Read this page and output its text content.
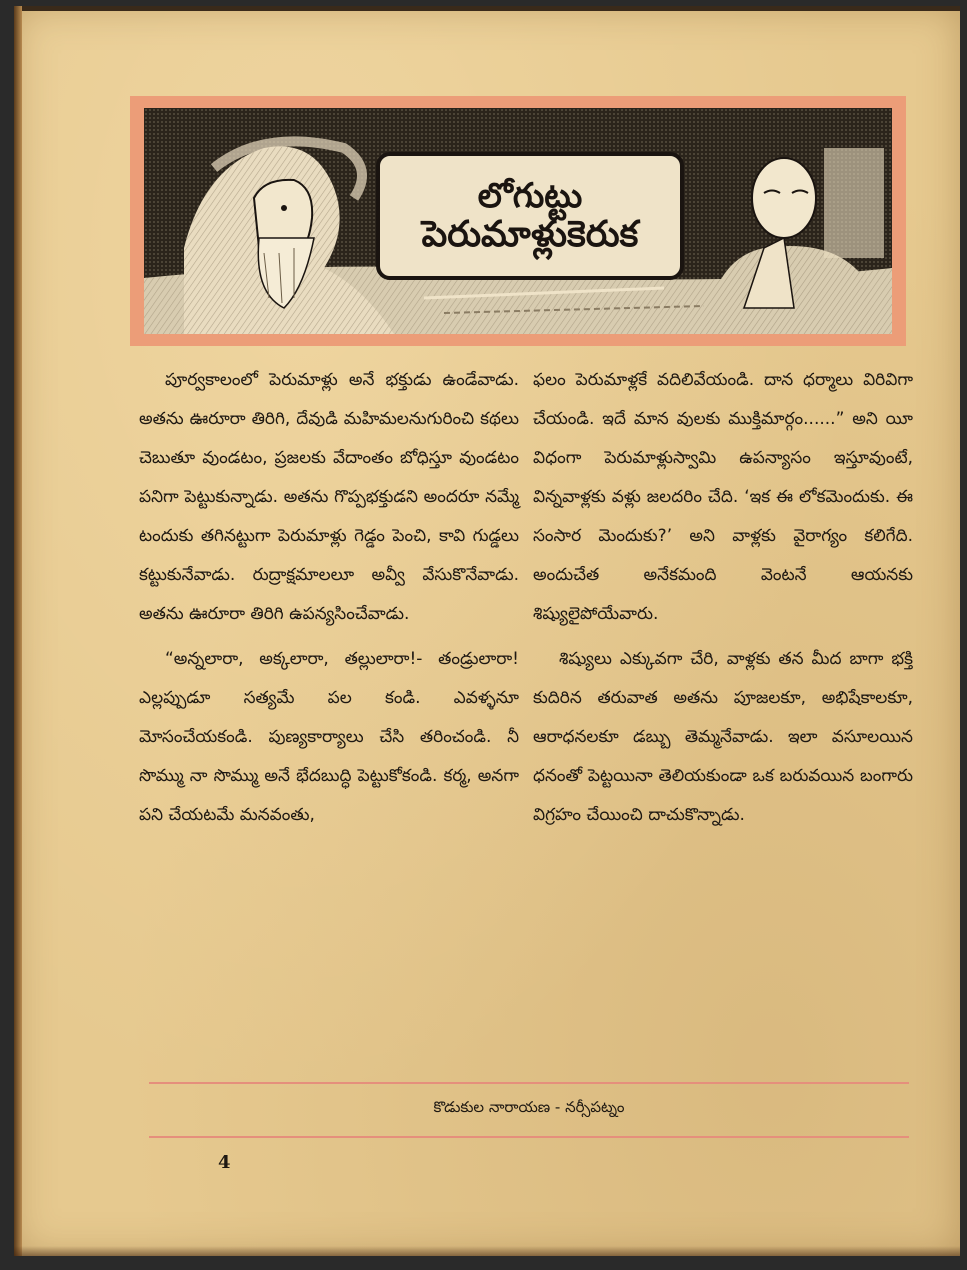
లోగుట్టు
పెరుమాళ్లుకెరుక

పూర్వకాలంలో పెరుమాళ్లు అనే భక్తుడు ఉండేవాడు. అతను ఊరూరా తిరిగి, దేవుడి మహిమలనుగురించి కథలు చెబుతూ వుండటం, ప్రజలకు వేదాంతం బోధిస్తూ వుండటం పనిగా పెట్టుకున్నాడు. అతను గొప్పభక్తుడని అందరూ నమ్మే టందుకు తగినట్టుగా పెరుమాళ్లు గెడ్డం పెంచి, కావి గుడ్డలు కట్టుకునేవాడు. రుద్రాక్షమాలలూ అవ్వీ వేసుకొనేవాడు. అతను ఊరూరా తిరిగి ఉపన్యసించేవాడు.

“అన్నలారా, అక్కలారా, తల్లులారా!- తండ్రులారా! ఎల్లప్పుడూ సత్యమే పల కండి. ఎవళ్ళనూ మోసంచేయకండి. పుణ్యకార్యాలు చేసి తరించండి. నీ సొమ్ము నా సొమ్ము అనే భేదబుద్ధి పెట్టుకోకండి. కర్మ, అనగా పని చేయటమే మనవంతు,

ఫలం పెరుమాళ్లకే వదిలివేయండి. దాన ధర్మాలు విరివిగా చేయండి. ఇదే మాన వులకు ముక్తిమార్గం......” అని యీ విధంగా పెరుమాళ్లుస్వామి ఉపన్యాసం ఇస్తూవుంటే, విన్నవాళ్లకు వళ్లు జలదరిం చేది. ‘ఇక ఈ లోకమెందుకు. ఈ సంసార మెందుకు?’ అని వాళ్లకు వైరాగ్యం కలిగేది. అందుచేత అనేకమంది వెంటనే ఆయనకు శిష్యులైపోయేవారు.

శిష్యులు ఎక్కువగా చేరి, వాళ్లకు తన మీద బాగా భక్తి కుదిరిన తరువాత అతను పూజలకూ, అభిషేకాలకూ, ఆరాధనలకూ డబ్బు తెమ్మనేవాడు. ఇలా వసూలయిన ధనంతో పెట్టయినా తెలియకుండా ఒక బరువయిన బంగారు విగ్రహం చేయించి దాచుకొన్నాడు.

కొడుకుల నారాయణ - నర్సీపట్నం
4
